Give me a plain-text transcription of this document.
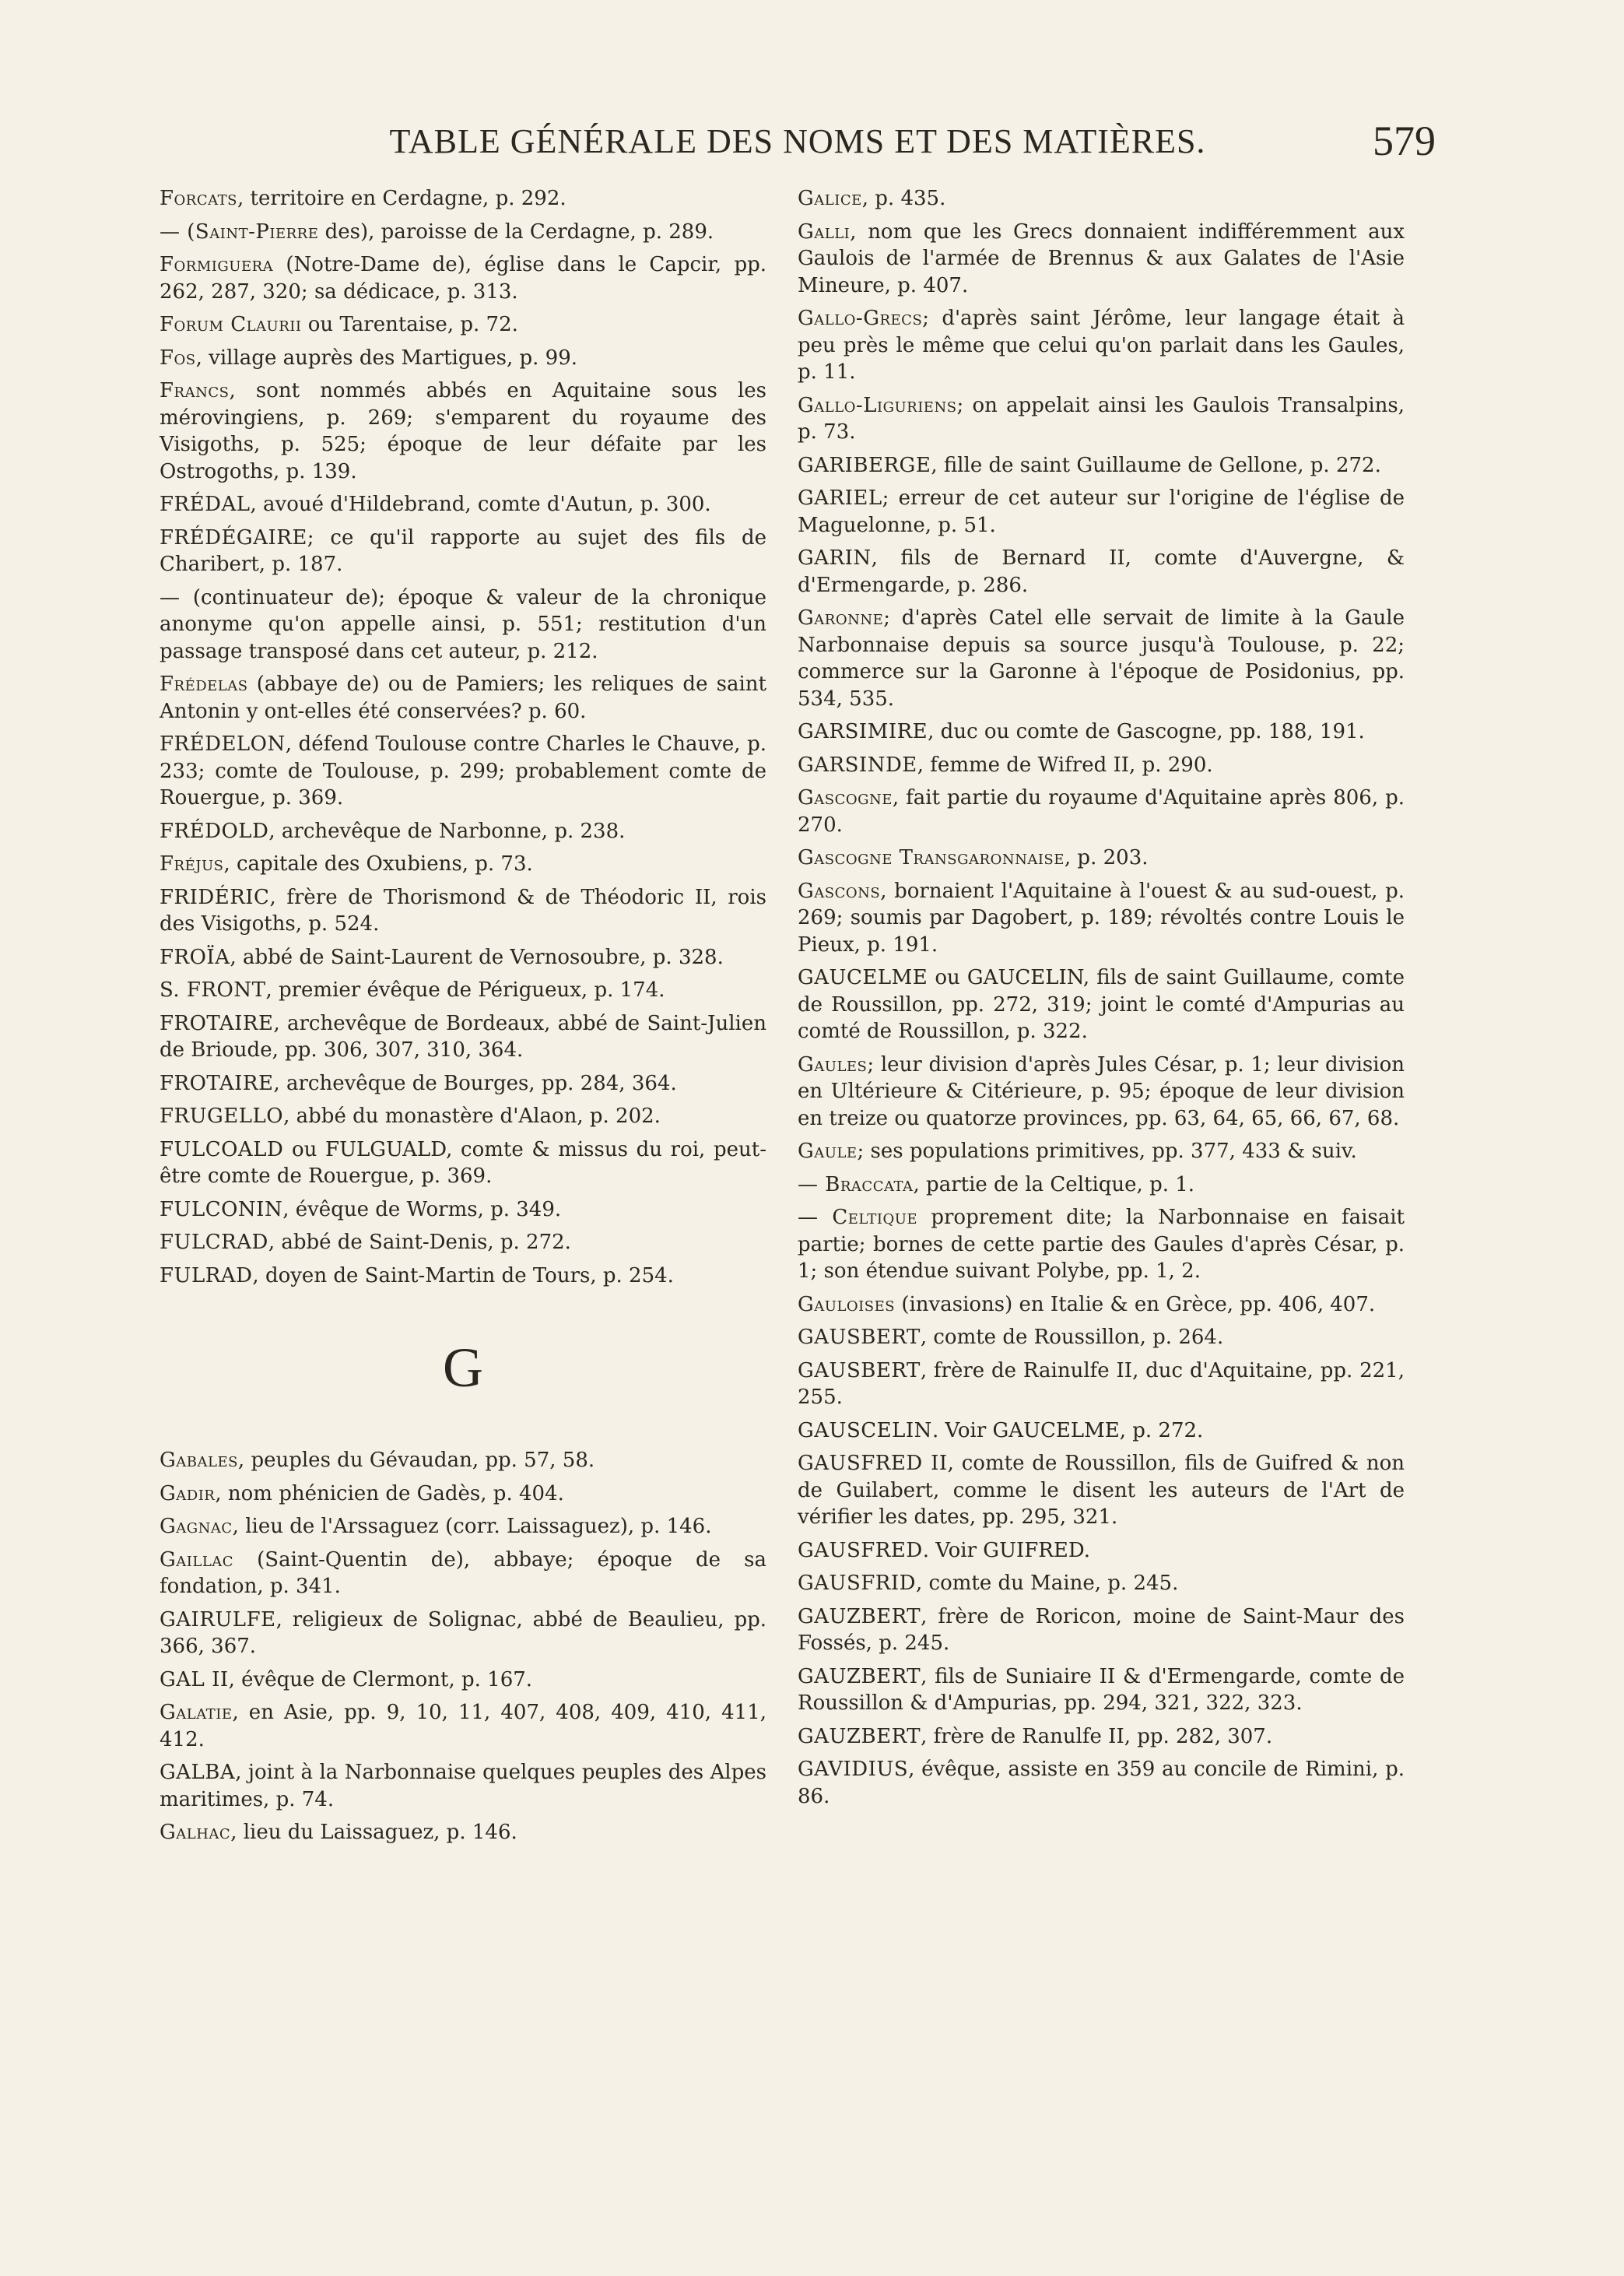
TABLE GÉNÉRALE DES NOMS ET DES MATIÈRES.	579
Forcats, territoire en Cerdagne, p. 292.
— (Saint-Pierre des), paroisse de la Cerdagne, p. 289.
Formiguera (Notre-Dame de), église dans le Capcir, pp. 262, 287, 320; sa dédicace, p. 313.
Forum Claurii ou Tarentaise, p. 72.
Fos, village auprès des Martigues, p. 99.
Francs, sont nommés abbés en Aquitaine sous les mérovingiens, p. 269; s'emparent du royaume des Visigoths, p. 525; époque de leur défaite par les Ostrogoths, p. 139.
FRÉDAL, avoué d'Hildebrand, comte d'Autun, p. 300.
FRÉDÉGAIRE; ce qu'il rapporte au sujet des fils de Charibert, p. 187.
— (continuateur de); époque & valeur de la chronique anonyme qu'on appelle ainsi, p. 551; restitution d'un passage transposé dans cet auteur, p. 212.
Frédelas (abbaye de) ou de Pamiers; les reliques de saint Antonin y ont-elles été conservées? p. 60.
FRÉDELON, défend Toulouse contre Charles le Chauve, p. 233; comte de Toulouse, p. 299; probablement comte de Rouergue, p. 369.
FRÉDOLD, archevêque de Narbonne, p. 238.
Fréjus, capitale des Oxubiens, p. 73.
FRIDÉRIC, frère de Thorismond & de Théodoric II, rois des Visigoths, p. 524.
FROÏA, abbé de Saint-Laurent de Vernosoubre, p. 328.
S. FRONT, premier évêque de Périgueux, p. 174.
FROTAIRE, archevêque de Bordeaux, abbé de Saint-Julien de Brioude, pp. 306, 307, 310, 364.
FROTAIRE, archevêque de Bourges, pp. 284, 364.
FRUGELLO, abbé du monastère d'Alaon, p. 202.
FULCOALD ou FULGUALD, comte & missus du roi, peut-être comte de Rouergue, p. 369.
FULCONIN, évêque de Worms, p. 349.
FULCRAD, abbé de Saint-Denis, p. 272.
FULRAD, doyen de Saint-Martin de Tours, p. 254.
G
Gabales, peuples du Gévaudan, pp. 57, 58.
Gadir, nom phénicien de Gadès, p. 404.
Gagnac, lieu de l'Arssaguez (corr. Laissaguez), p. 146.
Gaillac (Saint-Quentin de), abbaye; époque de sa fondation, p. 341.
GAIRULFE, religieux de Solignac, abbé de Beaulieu, pp. 366, 367.
GAL II, évêque de Clermont, p. 167.
Galatie, en Asie, pp. 9, 10, 11, 407, 408, 409, 410, 411, 412.
GALBA, joint à la Narbonnaise quelques peuples des Alpes maritimes, p. 74.
Galhac, lieu du Laissaguez, p. 146.
Galice, p. 435.
Galli, nom que les Grecs donnaient indifféremment aux Gaulois de l'armée de Brennus & aux Galates de l'Asie Mineure, p. 407.
Gallo-Grecs; d'après saint Jérôme, leur langage était à peu près le même que celui qu'on parlait dans les Gaules, p. 11.
Gallo-Liguriens; on appelait ainsi les Gaulois Transalpins, p. 73.
GARIBERGE, fille de saint Guillaume de Gellone, p. 272.
GARIEL; erreur de cet auteur sur l'origine de l'église de Maguelonne, p. 51.
GARIN, fils de Bernard II, comte d'Auvergne, & d'Ermengarde, p. 286.
Garonne; d'après Catel elle servait de limite à la Gaule Narbonnaise depuis sa source jusqu'à Toulouse, p. 22; commerce sur la Garonne à l'époque de Posidonius, pp. 534, 535.
GARSIMIRE, duc ou comte de Gascogne, pp. 188, 191.
GARSINDE, femme de Wifred II, p. 290.
Gascogne, fait partie du royaume d'Aquitaine après 806, p. 270.
Gascogne Transgaronnaise, p. 203.
Gascons, bornaient l'Aquitaine à l'ouest & au sud-ouest, p. 269; soumis par Dagobert, p. 189; révoltés contre Louis le Pieux, p. 191.
GAUCELME ou GAUCELIN, fils de saint Guillaume, comte de Roussillon, pp. 272, 319; joint le comté d'Ampurias au comté de Roussillon, p. 322.
Gaules; leur division d'après Jules César, p. 1; leur division en Ultérieure & Citérieure, p. 95; époque de leur division en treize ou quatorze provinces, pp. 63, 64, 65, 66, 67, 68.
Gaule; ses populations primitives, pp. 377, 433 & suiv.
— Braccata, partie de la Celtique, p. 1.
— Celtique proprement dite; la Narbonnaise en faisait partie; bornes de cette partie des Gaules d'après César, p. 1; son étendue suivant Polybe, pp. 1, 2.
Gauloises (invasions) en Italie & en Grèce, pp. 406, 407.
GAUSBERT, comte de Roussillon, p. 264.
GAUSBERT, frère de Rainulfe II, duc d'Aquitaine, pp. 221, 255.
GAUSCELIN. Voir GAUCELME, p. 272.
GAUSFRED II, comte de Roussillon, fils de Guifred & non de Guilabert, comme le disent les auteurs de l'Art de vérifier les dates, pp. 295, 321.
GAUSFRED. Voir GUIFRED.
GAUSFRID, comte du Maine, p. 245.
GAUZBERT, frère de Roricon, moine de Saint-Maur des Fossés, p. 245.
GAUZBERT, fils de Suniaire II & d'Ermengarde, comte de Roussillon & d'Ampurias, pp. 294, 321, 322, 323.
GAUZBERT, frère de Ranulfe II, pp. 282, 307.
GAVIDIUS, évêque, assiste en 359 au concile de Rimini, p. 86.
